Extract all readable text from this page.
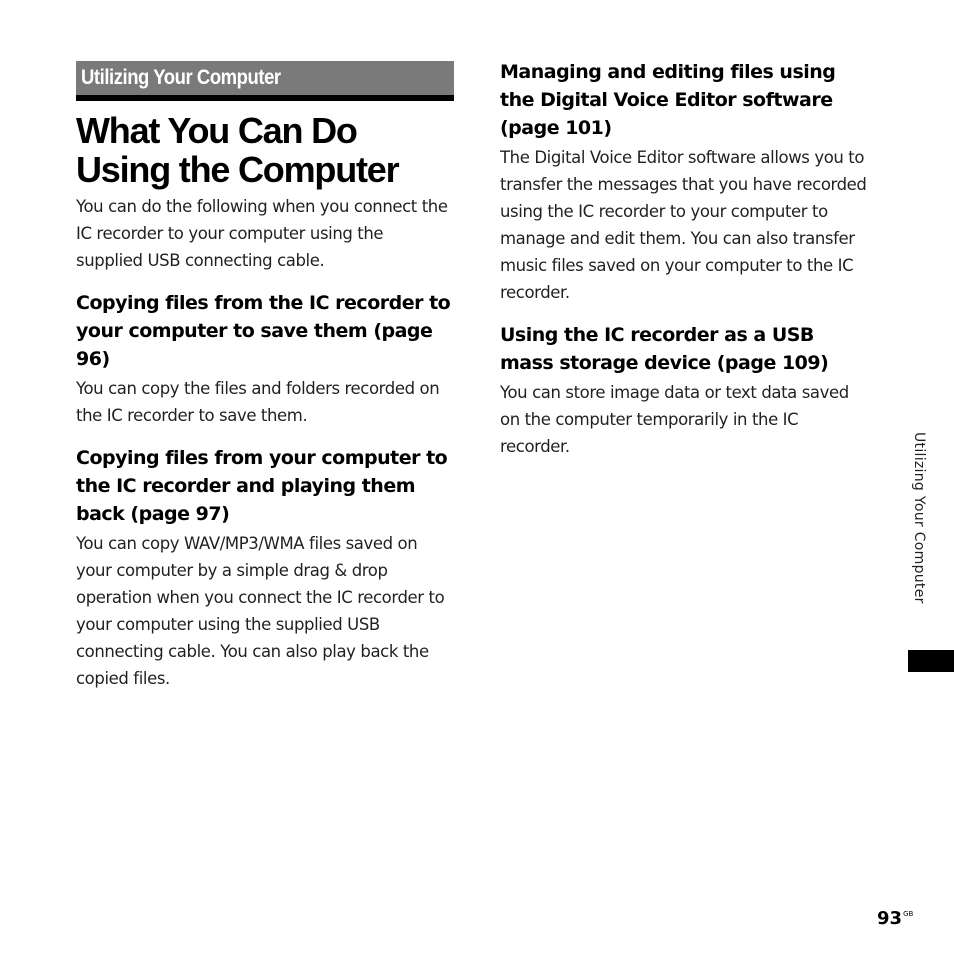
Utilizing Your Computer
What You Can Do
Using the Computer

You can do the following when you connect the IC recorder to your computer using the supplied USB connecting cable.

Copying files from the IC recorder to your computer to save them (page 96)

You can copy the files and folders recorded on the IC recorder to save them.

Copying files from your computer to the IC recorder and playing them back (page 97)

You can copy WAV/MP3/WMA files saved on your computer by a simple drag & drop operation when you connect the IC recorder to your computer using the supplied USB connecting cable. You can also play back the copied files.

Managing and editing files using the Digital Voice Editor software
(page 101)

The Digital Voice Editor software allows you to transfer the messages that you have recorded using the IC recorder to your computer to manage and edit them. You can also transfer music files saved on your computer to the IC recorder.

Using the IC recorder as a USB mass storage device (page 109)

You can store image data or text data saved on the computer temporarily in the IC recorder.	Utilizing Your Computer
$93^{GB}$
